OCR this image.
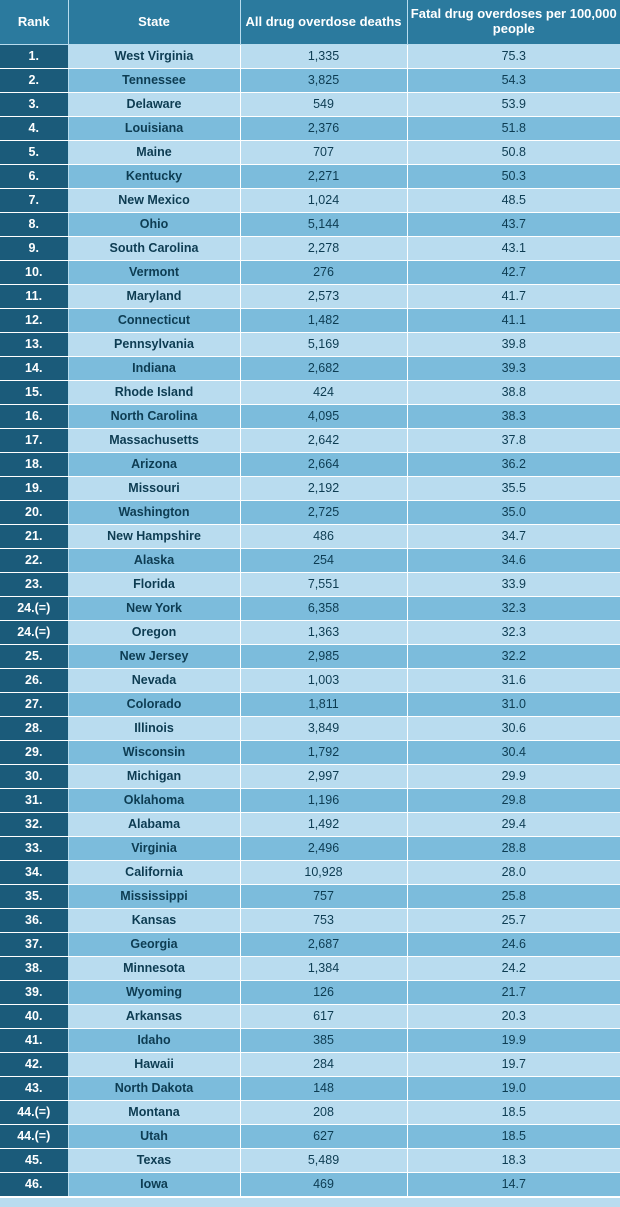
Rank	State	All drug overdose deaths	Fatal drug overdoses per 100,000 people
1.	West Virginia	1,335	75.3
2.	Tennessee	3,825	54.3
3.	Delaware	549	53.9
4.	Louisiana	2,376	51.8
5.	Maine	707	50.8
6.	Kentucky	2,271	50.3
7.	New Mexico	1,024	48.5
8.	Ohio	5,144	43.7
9.	South Carolina	2,278	43.1
10.	Vermont	276	42.7
11.	Maryland	2,573	41.7
12.	Connecticut	1,482	41.1
13.	Pennsylvania	5,169	39.8
14.	Indiana	2,682	39.3
15.	Rhode Island	424	38.8
16.	North Carolina	4,095	38.3
17.	Massachusetts	2,642	37.8
18.	Arizona	2,664	36.2
19.	Missouri	2,192	35.5
20.	Washington	2,725	35.0
21.	New Hampshire	486	34.7
22.	Alaska	254	34.6
23.	Florida	7,551	33.9
24.(=)	New York	6,358	32.3
24.(=)	Oregon	1,363	32.3
25.	New Jersey	2,985	32.2
26.	Nevada	1,003	31.6
27.	Colorado	1,811	31.0
28.	Illinois	3,849	30.6
29.	Wisconsin	1,792	30.4
30.	Michigan	2,997	29.9
31.	Oklahoma	1,196	29.8
32.	Alabama	1,492	29.4
33.	Virginia	2,496	28.8
34.	California	10,928	28.0
35.	Mississippi	757	25.8
36.	Kansas	753	25.7
37.	Georgia	2,687	24.6
38.	Minnesota	1,384	24.2
39.	Wyoming	126	21.7
40.	Arkansas	617	20.3
41.	Idaho	385	19.9
42.	Hawaii	284	19.7
43.	North Dakota	148	19.0
44.(=)	Montana	208	18.5
44.(=)	Utah	627	18.5
45.	Texas	5,489	18.3
46.	Iowa	469	14.7
